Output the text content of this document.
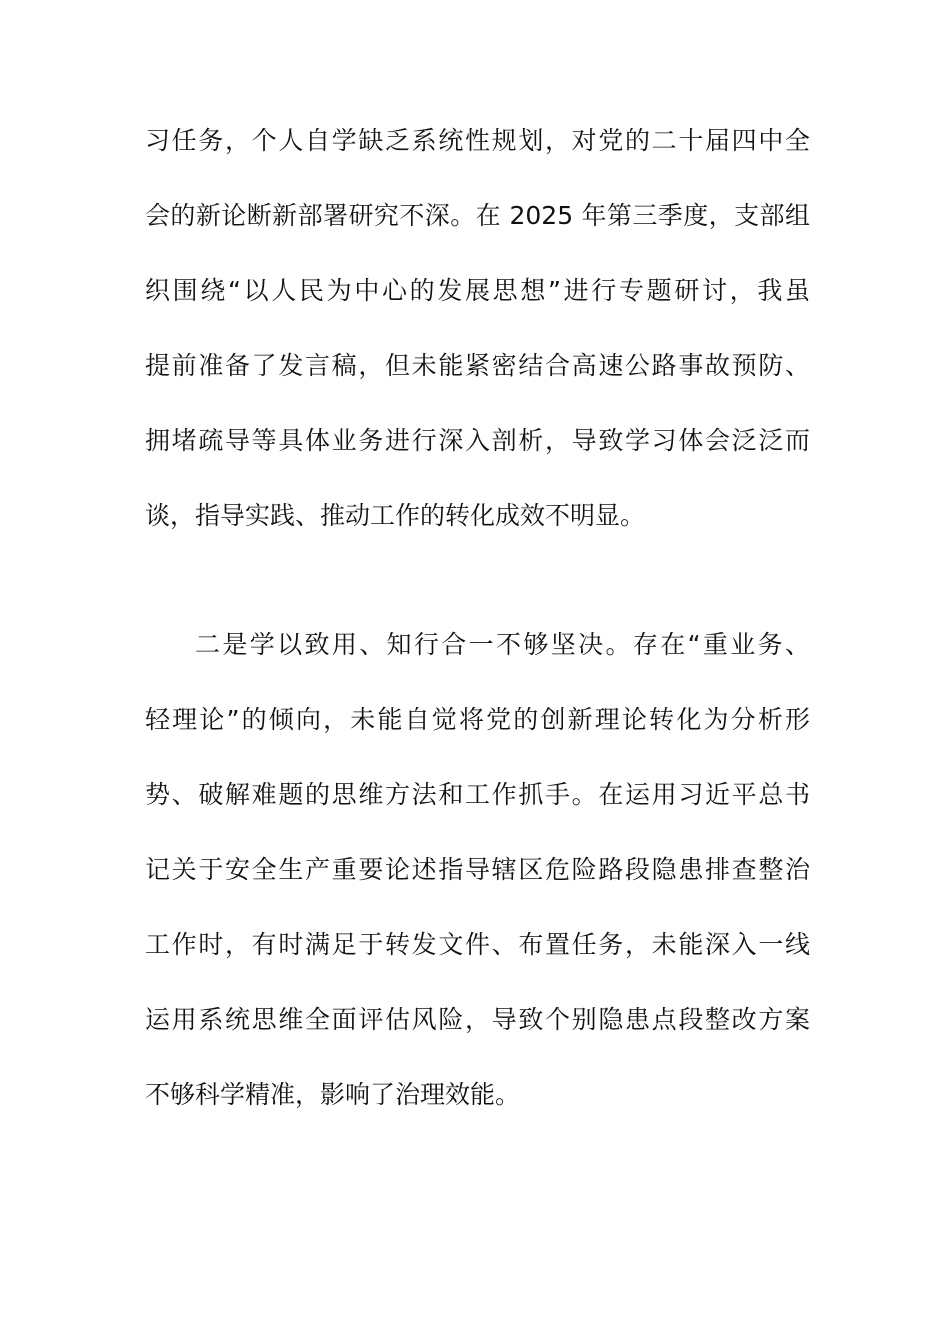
习任务，个人自学缺乏系统性规划，对党的二十届四中全
会的新论断新部署研究不深。在 2025 年第三季度，支部组
织围绕“以人民为中心的发展思想”进行专题研讨，我虽
提前准备了发言稿，但未能紧密结合高速公路事故预防、
拥堵疏导等具体业务进行深入剖析，导致学习体会泛泛而
谈，指导实践、推动工作的转化成效不明显。
二是学以致用、知行合一不够坚决。存在“重业务、
轻理论”的倾向，未能自觉将党的创新理论转化为分析形
势、破解难题的思维方法和工作抓手。在运用习近平总书
记关于安全生产重要论述指导辖区危险路段隐患排查整治
工作时，有时满足于转发文件、布置任务，未能深入一线
运用系统思维全面评估风险，导致个别隐患点段整改方案
不够科学精准，影响了治理效能。
